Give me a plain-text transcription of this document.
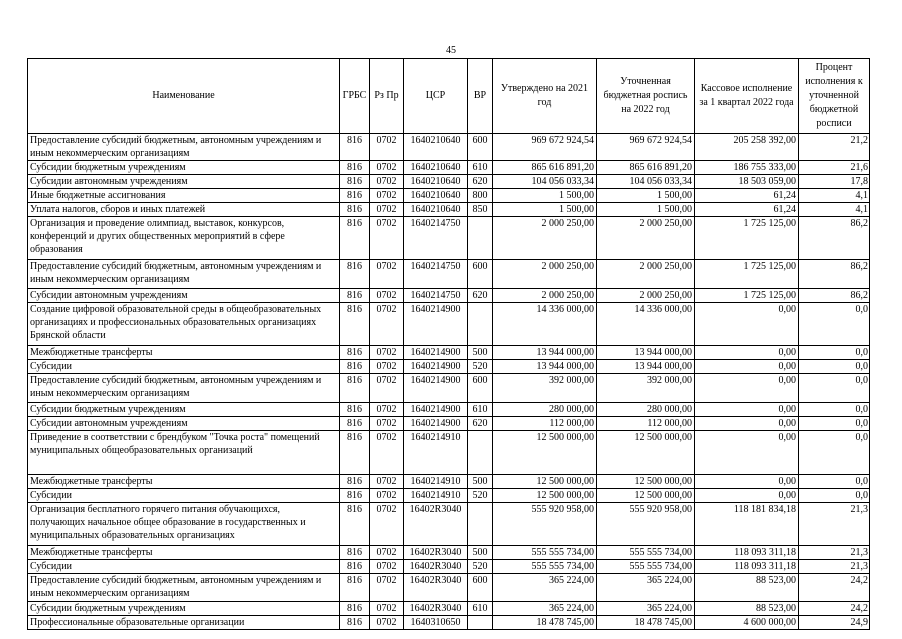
45
Наименование	ГРБС	Рз Пр	ЦСР	ВР	Утверждено на 2021 год	Уточненная бюджетная роспись на 2022 год	Кассовое исполнение за 1 квартал 2022 года	Процент исполнения к уточненной бюджетной росписи
Предоставление субсидий бюджетным, автономным учреждениям и иным некоммерческим организациям	816	0702	1640210640	600	969 672 924,54	969 672 924,54	205 258 392,00	21,2
Субсидии бюджетным учреждениям	816	0702	1640210640	610	865 616 891,20	865 616 891,20	186 755 333,00	21,6
Субсидии автономным учреждениям	816	0702	1640210640	620	104 056 033,34	104 056 033,34	18 503 059,00	17,8
Иные бюджетные ассигнования	816	0702	1640210640	800	1 500,00	1 500,00	61,24	4,1
Уплата налогов, сборов и иных платежей	816	0702	1640210640	850	1 500,00	1 500,00	61,24	4,1
Организация и проведение олимпиад, выставок, конкурсов, конференций и других общественных мероприятий в сфере образования	816	0702	1640214750		2 000 250,00	2 000 250,00	1 725 125,00	86,2
Предоставление субсидий бюджетным, автономным учреждениям и иным некоммерческим организациям	816	0702	1640214750	600	2 000 250,00	2 000 250,00	1 725 125,00	86,2
Субсидии автономным учреждениям	816	0702	1640214750	620	2 000 250,00	2 000 250,00	1 725 125,00	86,2
Создание цифровой образовательной среды в общеобразовательных организациях и профессиональных образовательных организациях Брянской области	816	0702	1640214900		14 336 000,00	14 336 000,00	0,00	0,0
Межбюджетные трансферты	816	0702	1640214900	500	13 944 000,00	13 944 000,00	0,00	0,0
Субсидии	816	0702	1640214900	520	13 944 000,00	13 944 000,00	0,00	0,0
Предоставление субсидий бюджетным, автономным учреждениям и иным некоммерческим организациям	816	0702	1640214900	600	392 000,00	392 000,00	0,00	0,0
Субсидии бюджетным учреждениям	816	0702	1640214900	610	280 000,00	280 000,00	0,00	0,0
Субсидии автономным учреждениям	816	0702	1640214900	620	112 000,00	112 000,00	0,00	0,0
Приведение в соответствии с брендбуком "Точка роста" помещений муниципальных общеобразовательных организаций	816	0702	1640214910		12 500 000,00	12 500 000,00	0,00	0,0
Межбюджетные трансферты	816	0702	1640214910	500	12 500 000,00	12 500 000,00	0,00	0,0
Субсидии	816	0702	1640214910	520	12 500 000,00	12 500 000,00	0,00	0,0
Организация бесплатного горячего питания обучающихся, получающих начальное общее образование в государственных и муниципальных образовательных организациях	816	0702	16402R3040		555 920 958,00	555 920 958,00	118 181 834,18	21,3
Межбюджетные трансферты	816	0702	16402R3040	500	555 555 734,00	555 555 734,00	118 093 311,18	21,3
Субсидии	816	0702	16402R3040	520	555 555 734,00	555 555 734,00	118 093 311,18	21,3
Предоставление субсидий бюджетным, автономным учреждениям и иным некоммерческим организациям	816	0702	16402R3040	600	365 224,00	365 224,00	88 523,00	24,2
Субсидии бюджетным учреждениям	816	0702	16402R3040	610	365 224,00	365 224,00	88 523,00	24,2
Профессиональные образовательные организации	816	0702	1640310650		18 478 745,00	18 478 745,00	4 600 000,00	24,9
